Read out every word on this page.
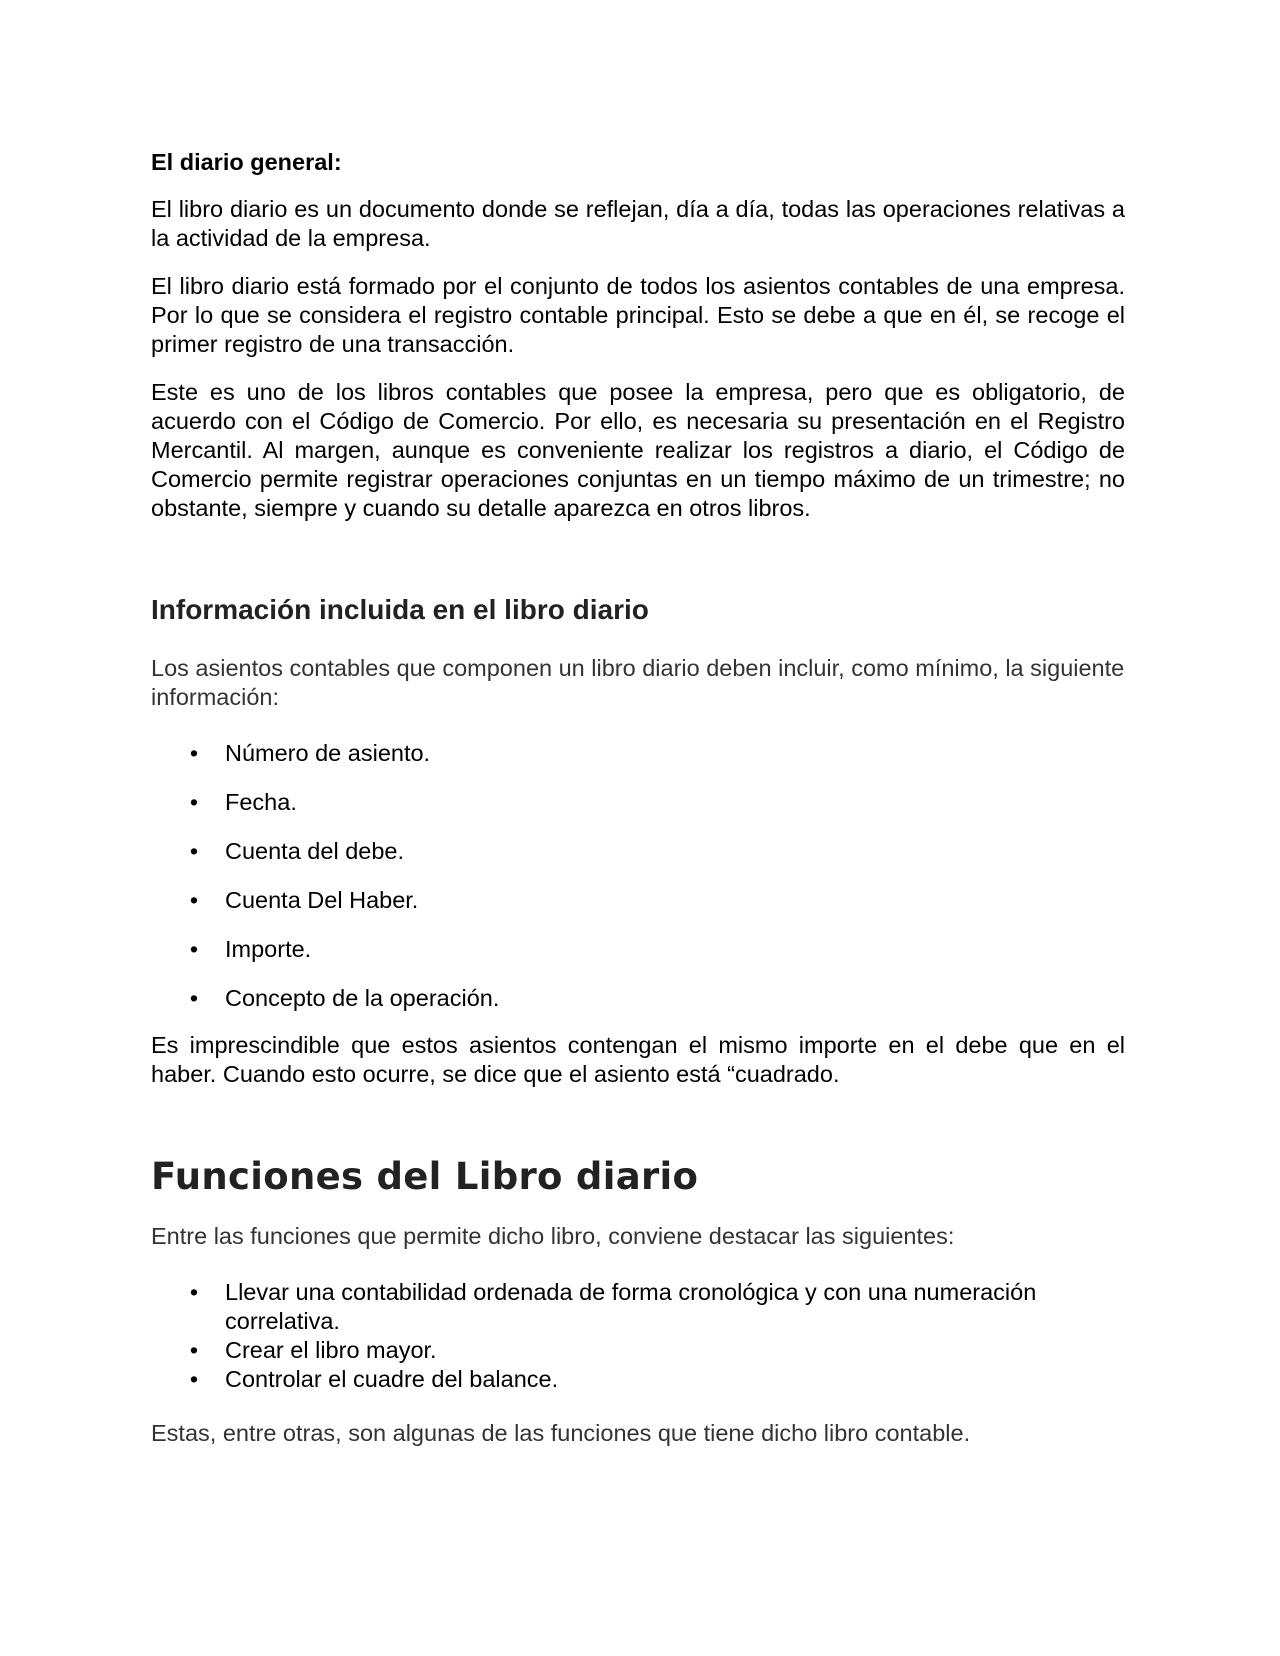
El diario general:

El libro diario es un documento donde se reflejan, día a día, todas las operaciones relativas a la actividad de la empresa.

El libro diario está formado por el conjunto de todos los asientos contables de una empresa. Por lo que se considera el registro contable principal. Esto se debe a que en él, se recoge el primer registro de una transacción.

Este es uno de los libros contables que posee la empresa, pero que es obligatorio, de acuerdo con el Código de Comercio. Por ello, es necesaria su presentación en el Registro Mercantil. Al margen, aunque es conveniente realizar los registros a diario, el Código de Comercio permite registrar operaciones conjuntas en un tiempo máximo de un trimestre; no obstante, siempre y cuando su detalle aparezca en otros libros.

Información incluida en el libro diario

Los asientos contables que componen un libro diario deben incluir, como mínimo, la siguiente información:

• Número de asiento.
• Fecha.
• Cuenta del debe.
• Cuenta Del Haber.
• Importe.
• Concepto de la operación.

Es imprescindible que estos asientos contengan el mismo importe en el debe que en el haber. Cuando esto ocurre, se dice que el asiento está “cuadrado.

Funciones del Libro diario

Entre las funciones que permite dicho libro, conviene destacar las siguientes:

• Llevar una contabilidad ordenada de forma cronológica y con una numeración correlativa.
• Crear el libro mayor.
• Controlar el cuadre del balance.

Estas, entre otras, son algunas de las funciones que tiene dicho libro contable.
